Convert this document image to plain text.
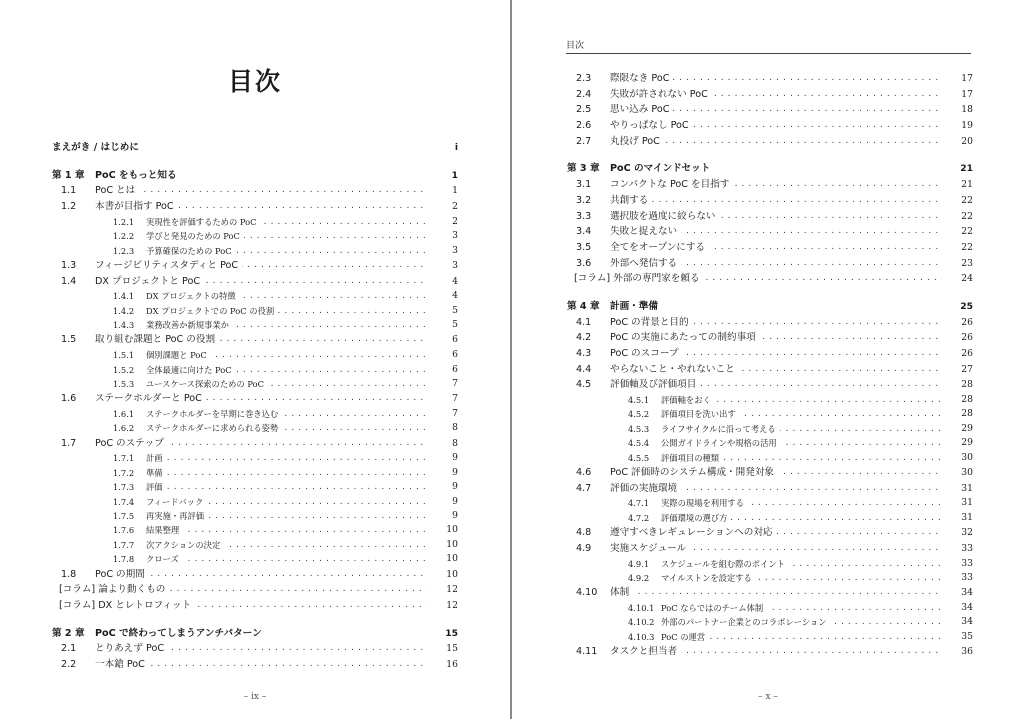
目次
まえがき / はじめに	i
第 1 章 PoC をもっと知る	1
1.1 PoC とは . . .	1
1.2 本書が目指す PoC . . .	2
1.2.1 実現性を評価するための PoC . . .	2
1.2.2 学びと発見のための PoC . . .	3
1.2.3 予算確保のための PoC . . .	3
1.3 フィージビリティスタディと PoC . . .	3
1.4 DX プロジェクトと PoC . . .	4
1.4.1 DX プロジェクトの特徴 . . .	4
1.4.2 DX プロジェクトでの PoC の役割 . . .	5
1.4.3 業務改善か新規事業か . . .	5
1.5 取り組む課題と PoC の役割 . . .	6
1.5.1 個別課題と PoC . . .	6
1.5.2 全体最適に向けた PoC . . .	6
1.5.3 ユースケース探索のための PoC . . .	7
1.6 ステークホルダーと PoC . . .	7
1.6.1 ステークホルダーを早期に巻き込む . . .	7
1.6.2 ステークホルダーに求められる姿勢 . . .	8
1.7 PoC のステップ . . .	8
1.7.1 計画 . . .	9
1.7.2 準備 . . .	9
1.7.3 評価 . . .	9
1.7.4 フィードバック . . .	9
1.7.5 再実施・再評価 . . .	9
1.7.6 結果整理 . . .	10
1.7.7 次アクションの決定 . . .	10
1.7.8 クローズ . . .	10
1.8 PoC の期間 . . .	10
[コラム] 論より動くもの . . .	12
[コラム] DX とレトロフィット . . .	12
第 2 章 PoC で終わってしまうアンチパターン	15
2.1 とりあえず PoC . . .	15
2.2 一本鎗 PoC . . .	16
– ix –
目次
2.3 際限なき PoC . . .	17
2.4 失敗が許されない PoC . . .	17
2.5 思い込み PoC . . .	18
2.6 やりっぱなし PoC . . .	19
2.7 丸投げ PoC . . .	20
第 3 章 PoC のマインドセット	21
3.1 コンパクトな PoC を目指す . . .	21
3.2 共創する . . .	22
3.3 選択肢を過度に絞らない . . .	22
3.4 失敗と捉えない . . .	22
3.5 全てをオープンにする . . .	22
3.6 外部へ発信する . . .	23
[コラム] 外部の専門家を頼る . . .	24
第 4 章 計画・準備	25
4.1 PoC の背景と目的 . . .	26
4.2 PoC の実施にあたっての制約事項 . . .	26
4.3 PoC のスコープ . . .	26
4.4 やらないこと・やれないこと . . .	27
4.5 評価軸及び評価項目 . . .	28
4.5.1 評価軸をおく . . .	28
4.5.2 評価項目を洗い出す . . .	28
4.5.3 ライフサイクルに沿って考える . . .	29
4.5.4 公開ガイドラインや規格の活用 . . .	29
4.5.5 評価項目の種類 . . .	30
4.6 PoC 評価時のシステム構成・開発対象 . . .	30
4.7 評価の実施環境 . . .	31
4.7.1 実際の現場を利用する . . .	31
4.7.2 評価環境の選び方 . . .	31
4.8 遵守すべきレギュレーションへの対応 . . .	32
4.9 実施スケジュール . . .	33
4.9.1 スケジュールを組む際のポイント . . .	33
4.9.2 マイルストンを設定する . . .	33
4.10 体制 . . .	34
4.10.1 PoC ならではのチーム体制 . . .	34
4.10.2 外部のパートナー企業とのコラボレーション . . .	34
4.10.3 PoC の運営 . . .	35
4.11 タスクと担当者 . . .	36
– x –
